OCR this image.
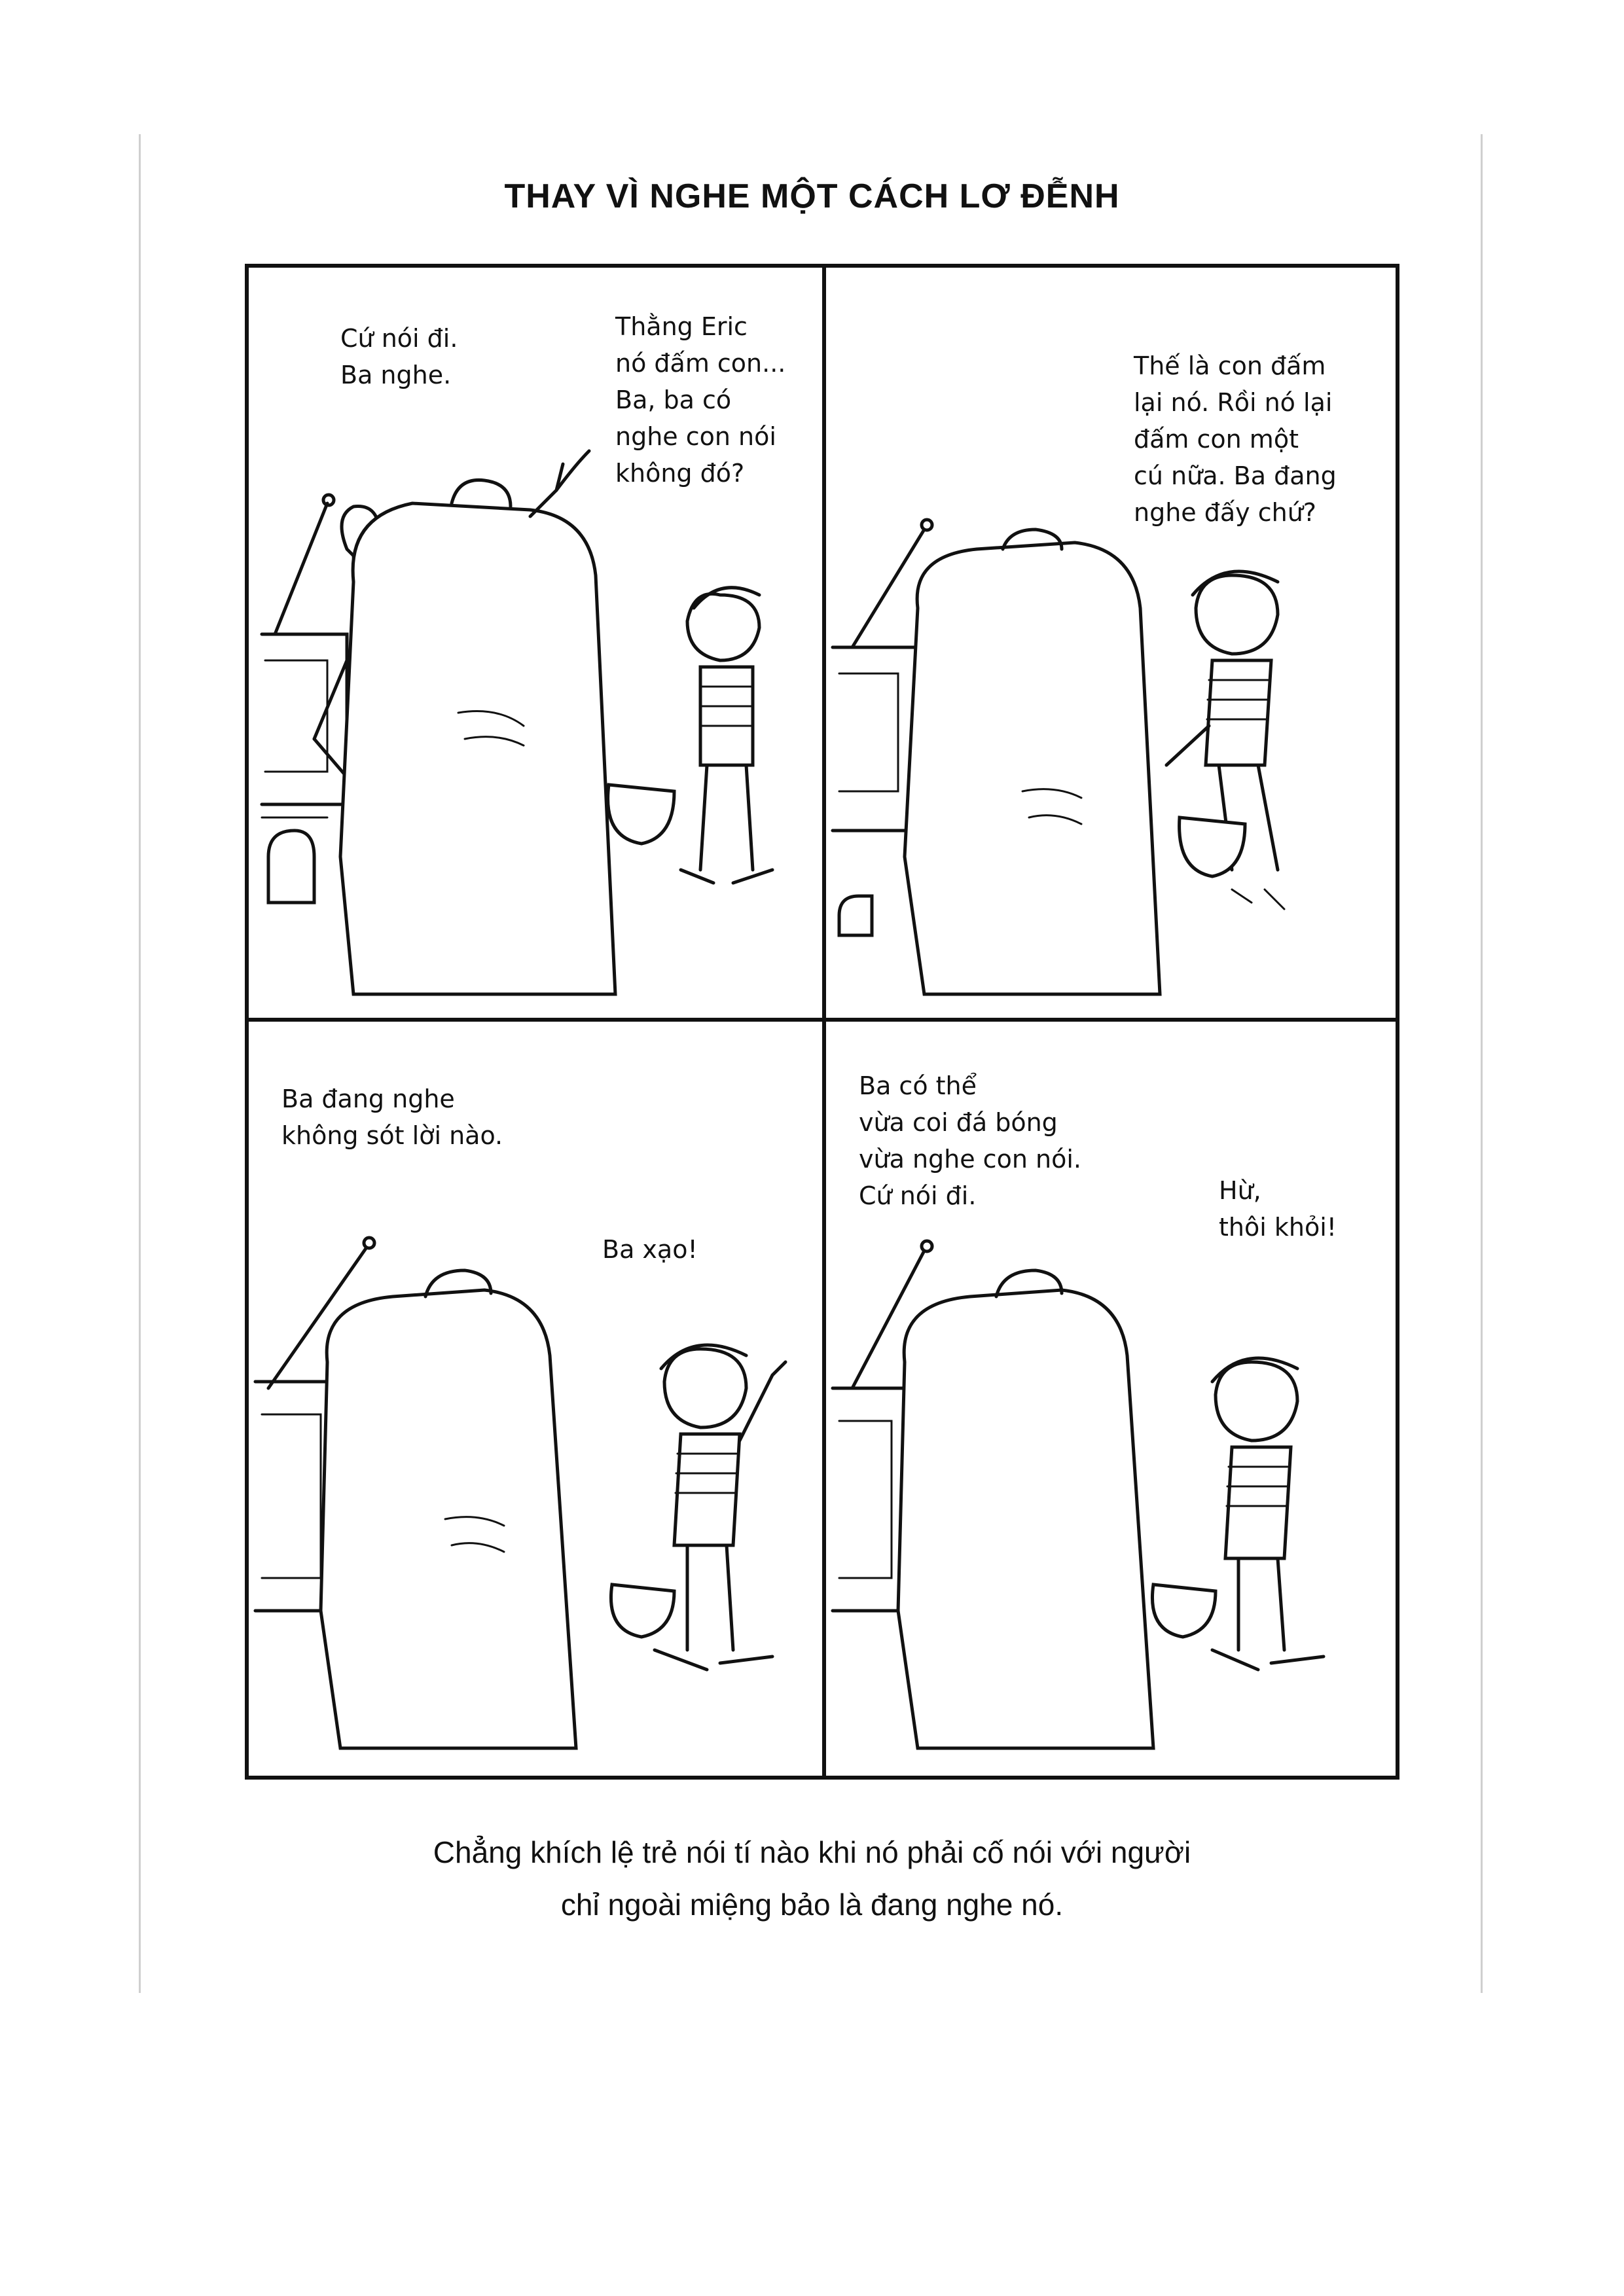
THAY VÌ NGHE MỘT CÁCH LƠ ĐỄNH
Cứ nói đi.
Ba nghe.
Thằng Eric
nó đấm con...
Ba, ba có
nghe con nói
không đó?
Thế là con đấm
lại nó. Rồi nó lại
đấm con một
cú nữa. Ba đang
nghe đấy chứ?
Ba đang nghe
không sót lời nào.
Ba xạo!
Ba có thể
vừa coi đá bóng
vừa nghe con nói.
Cứ nói đi.	Hừ,
thôi khỏi!
Chẳng khích lệ trẻ nói tí nào khi nó phải cố nói với người
chỉ ngoài miệng bảo là đang nghe nó.
